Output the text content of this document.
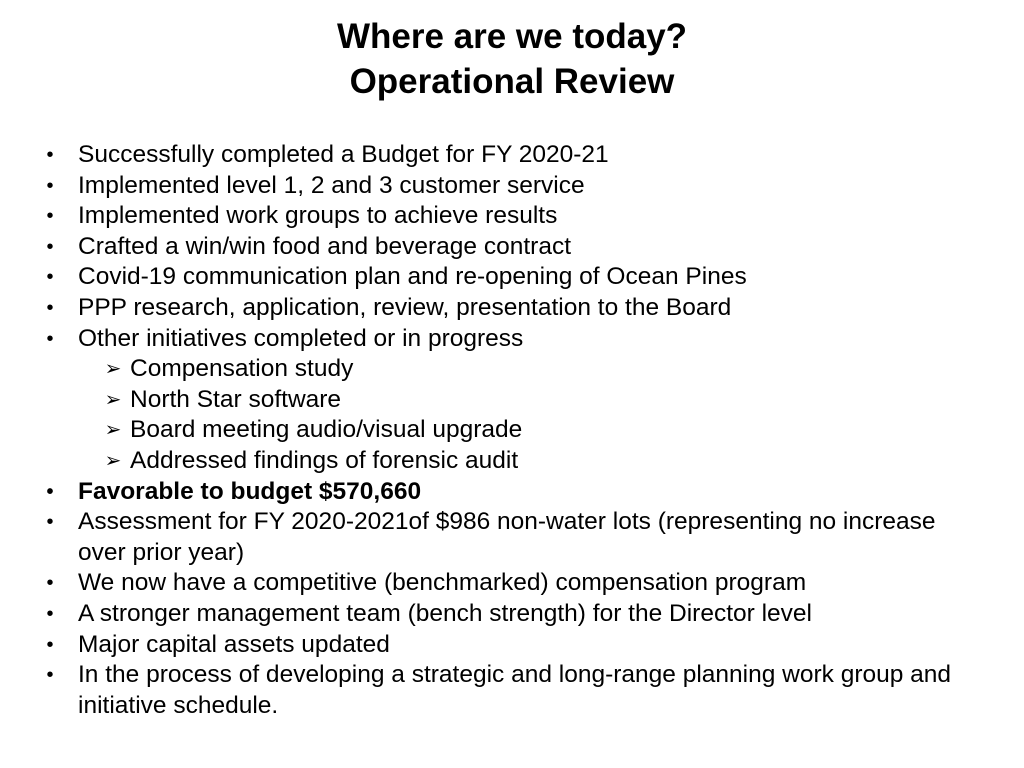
Where are we today?
Operational Review
• Successfully completed a Budget for FY 2020-21
• Implemented level 1, 2 and 3 customer service
• Implemented work groups to achieve results
• Crafted a win/win food and beverage contract
• Covid-19 communication plan and re-opening of Ocean Pines
• PPP research, application, review, presentation to the Board
• Other initiatives completed or in progress
➢ Compensation study
➢ North Star software
➢ Board meeting audio/visual upgrade
➢ Addressed findings of forensic audit
• Favorable to budget $570,660
• Assessment for FY 2020-2021of $986 non-water lots (representing no increase over prior year)
• We now have a competitive (benchmarked) compensation program
• A stronger management team (bench strength) for the Director level
• Major capital assets updated
• In the process of developing a strategic and long-range planning work group and initiative schedule.
